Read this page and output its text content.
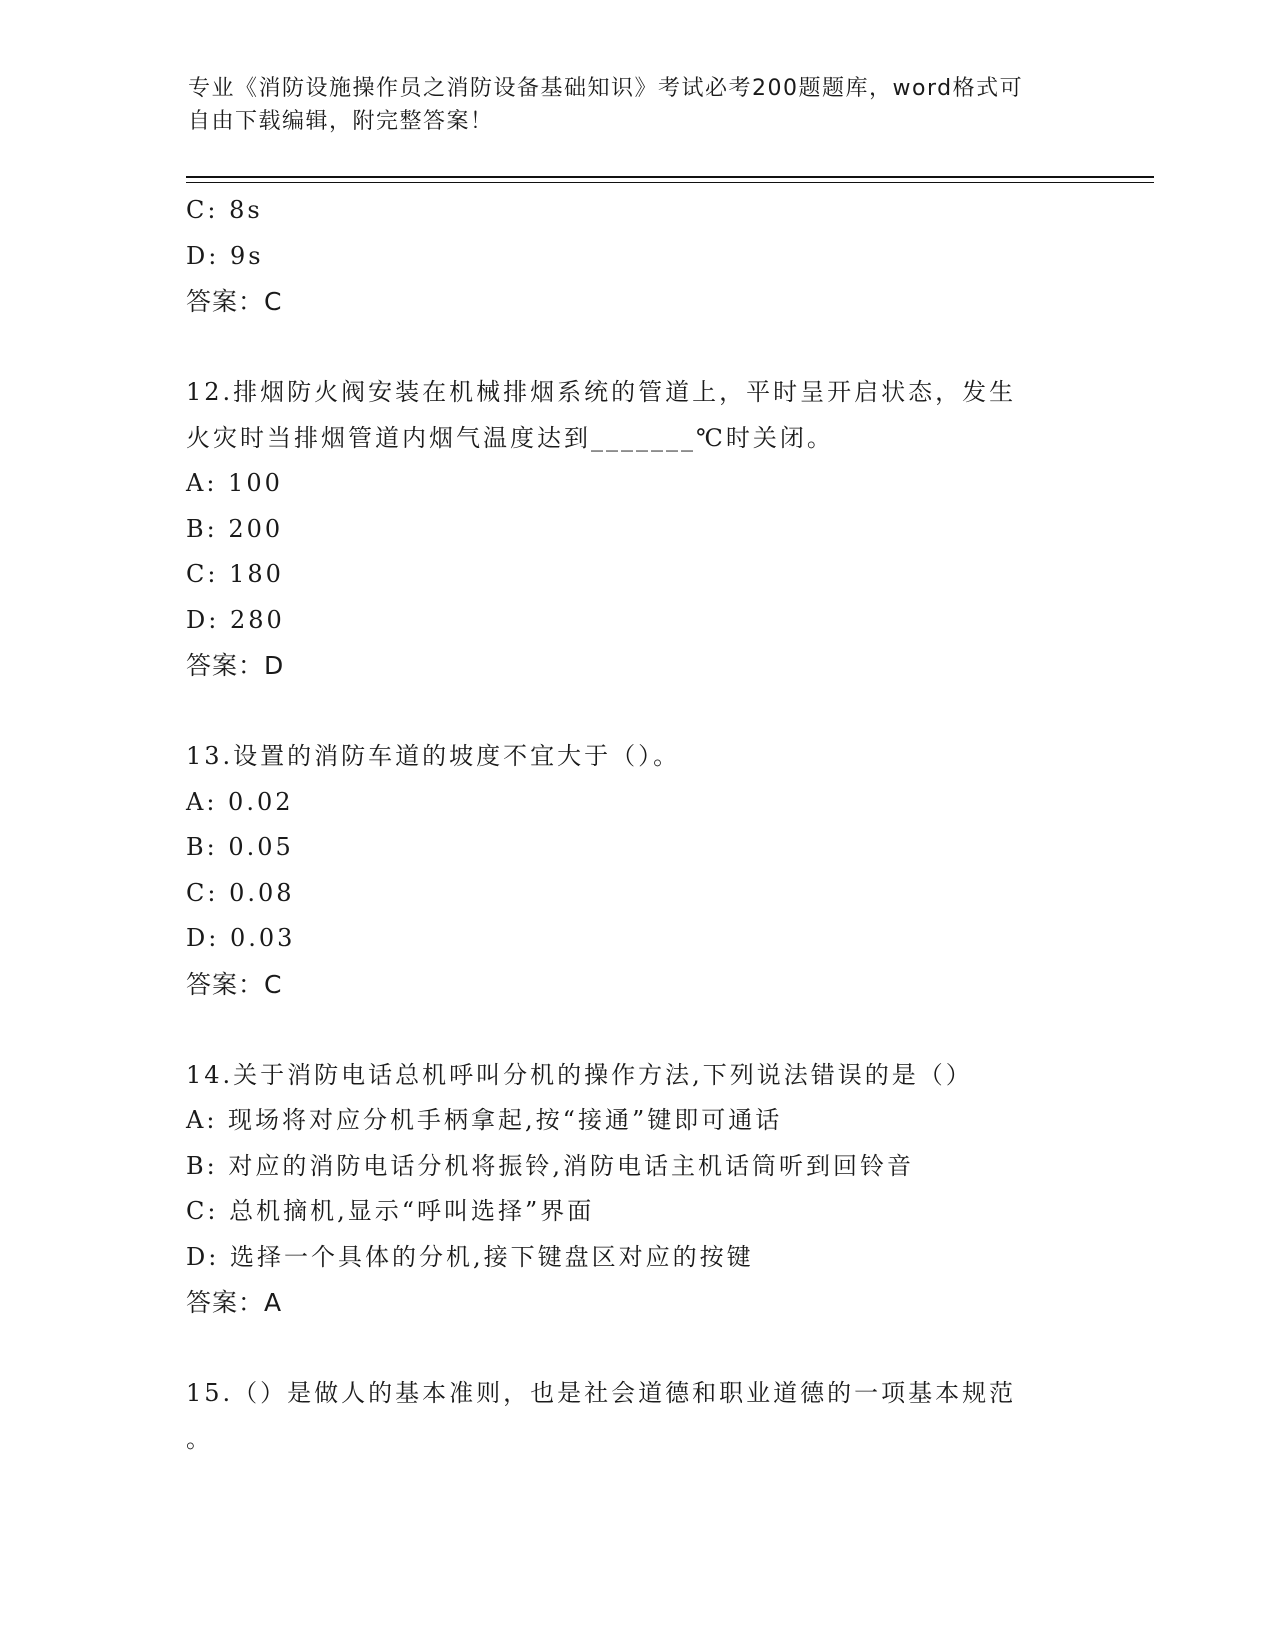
专业《消防设施操作员之消防设备基础知识》考试必考200题题库，word格式可
自由下载编辑，附完整答案！
C: 8s
D: 9s
答案：C
12.排烟防火阀安装在机械排烟系统的管道上，平时呈开启状态，发生
火灾时当排烟管道内烟气温度达到_______℃时关闭。
A: 100
B: 200
C: 180
D: 280
答案：D
13.设置的消防车道的坡度不宜大于（）。
A: 0.02
B: 0.05
C: 0.08
D: 0.03
答案：C
14.关于消防电话总机呼叫分机的操作方法,下列说法错误的是（）
A: 现场将对应分机手柄拿起,按“接通”键即可通话
B: 对应的消防电话分机将振铃,消防电话主机话筒听到回铃音
C: 总机摘机,显示“呼叫选择”界面
D: 选择一个具体的分机,接下键盘区对应的按键
答案：A
15.（）是做人的基本准则，也是社会道德和职业道德的一项基本规范
。
